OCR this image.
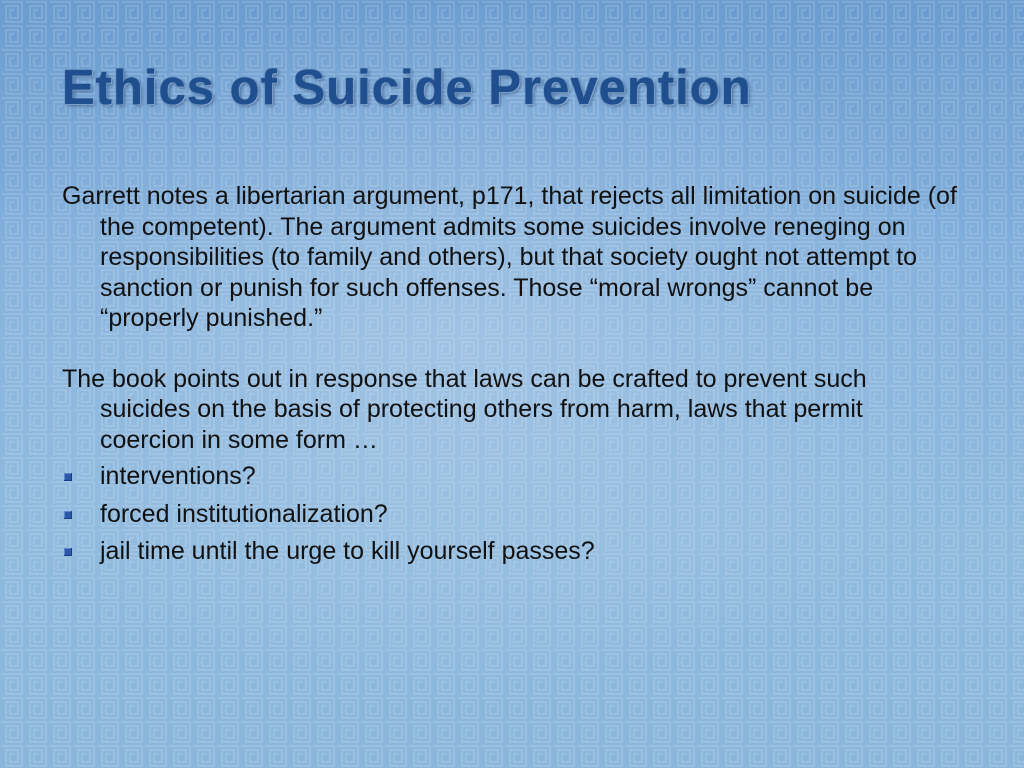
Ethics of Suicide Prevention

Garrett notes a libertarian argument, p171, that rejects all limitation on suicide (of the competent). The argument admits some suicides involve reneging on responsibilities (to family and others), but that society ought not attempt to sanction or punish for such offenses. Those “moral wrongs” cannot be “properly punished.”

The book points out in response that laws can be crafted to prevent such suicides on the basis of protecting others from harm, laws that permit coercion in some form …

interventions?
forced institutionalization?
jail time until the urge to kill yourself passes?
